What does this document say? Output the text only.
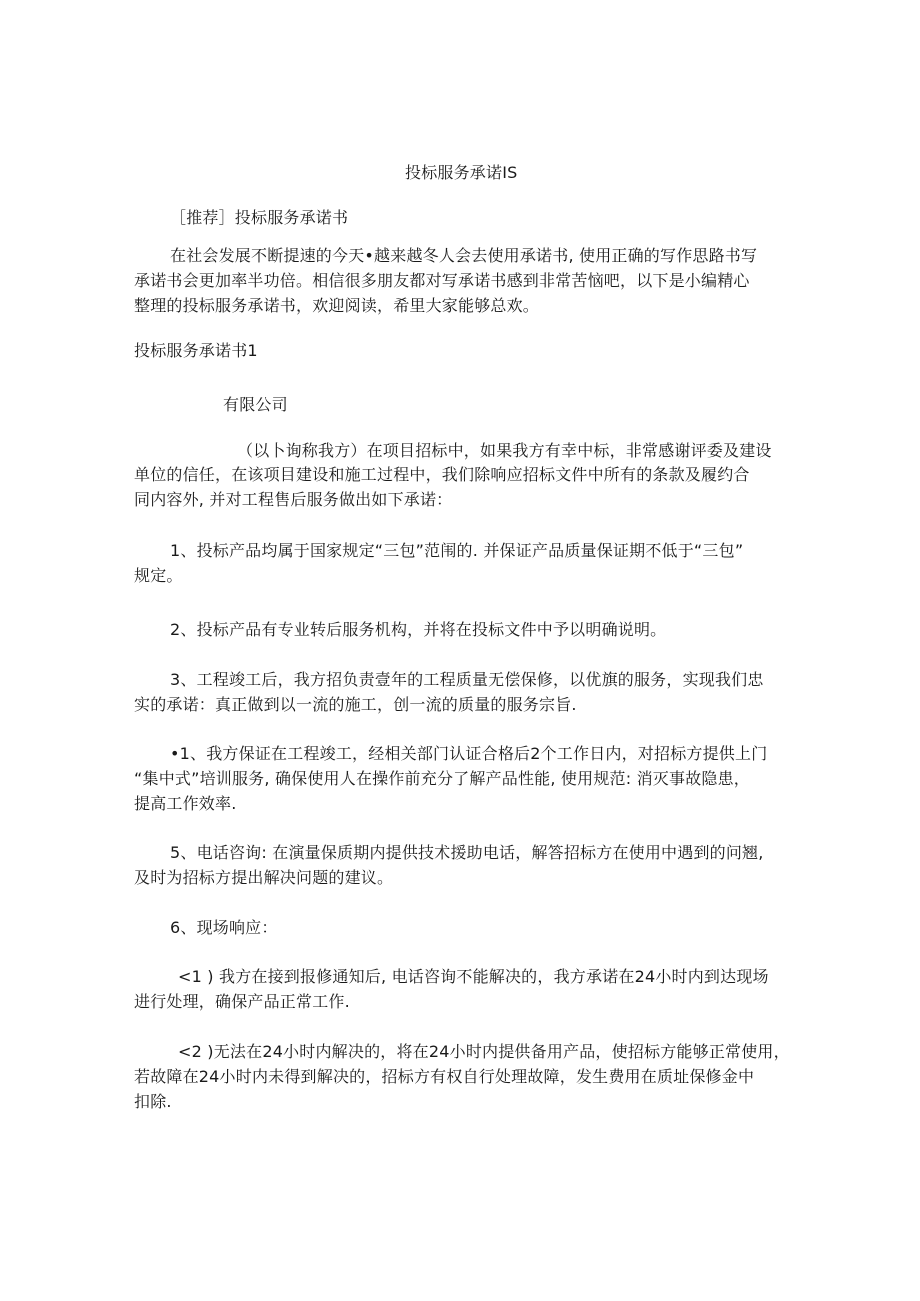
投标服务承诺IS
［推荐］投标服务承诺书
在社会发展不断提速的今天•越来越冬人会去使用承诺书, 使用正确的写作思路书写
承诺书会更加率半功倍。相信很多朋友都对写承诺书感到非常苦恼吧，以下是小编精心
整理的投标服务承诺书，欢迎阅读，希里大家能够总欢。
投标服务承诺书1
有限公司
（以卜询称我方）在项目招标中，如果我方有幸中标，非常感谢评委及建设
单位的信任，在该项目建设和施工过程中，我们除响应招标文件中所有的条款及履约合
同内容外, 并对工程售后服务做出如下承诺：
1、投标产品均属于国家规定“三包”范闱的. 并保证产品质量保证期不低于“三包”
规定。
2、投标产品有专业转后服务机构，并将在投标文件中予以明确说明。
3、工程竣工后，我方招负责壹年的工程质量无偿保修，以优旗的服务，实现我们忠
实的承诺：真正做到以一流的施工，创一流的质量的服务宗旨.
•1、我方保证在工程竣工，经相关部门认证合格后2个工作日内，对招标方提供上门
“集中式”培训服务, 确保使用人在操作前充分了解产品性能, 使用规范: 消灭事故隐患，
提高工作效率.
5、电话咨询: 在演量保质期内提供技术援助电话，解答招标方在使用中遇到的问翘,
及时为招标方提出解决问题的建议。
6、现场响应：
<1 ) 我方在接到报修通知后, 电话咨询不能解决的，我方承诺在24小时内到达现场
进行处理，确保产品正常工作.
<2 )无法在24小时内解决的，将在24小时内提供备用产品，使招标方能够正常使用，
若故障在24小时内未得到解决的，招标方有权自行处理故障，发生费用在质址保修金中
扣除.
